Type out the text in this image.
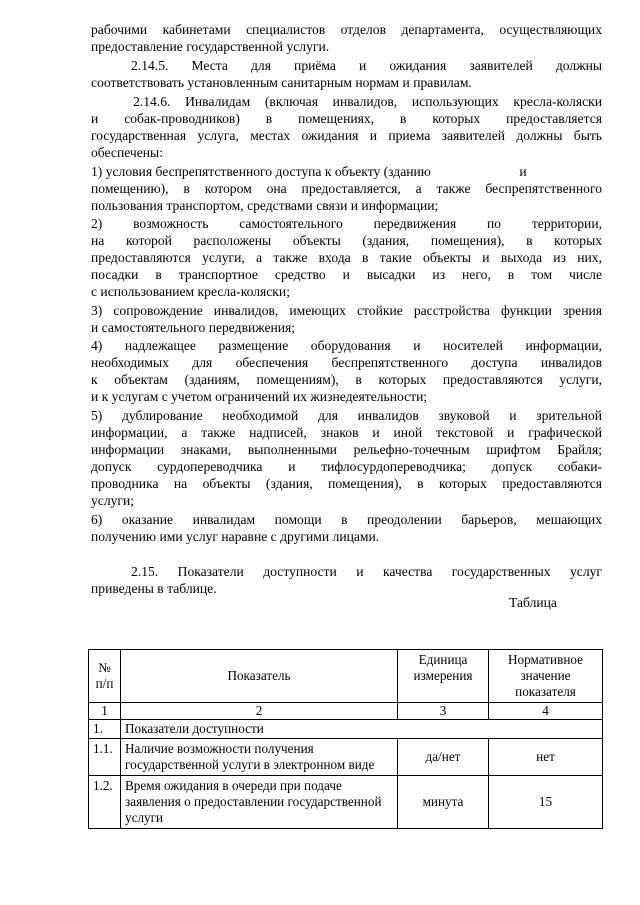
рабочими кабинетами специалистов отделов департамента, осуществляющих
предоставление государственной услуги.
2.14.5. Места для приёма и ожидания заявителей должны
соответствовать установленным санитарным нормам и правилам.
2.14.6. Инвалидам (включая инвалидов, использующих кресла-коляски
и собак-проводников) в помещениях, в которых предоставляется
государственная услуга, местах ожидания и приема заявителей должны быть
обеспечены:
1) условия беспрепятственного доступа к объекту (зданию                          и
помещению), в котором она предоставляется, а также беспрепятственного
пользования транспортом, средствами связи и информации;
2) возможность самостоятельного передвижения по территории,
на которой расположены объекты (здания, помещения), в которых
предоставляются услуги, а также входа в такие объекты и выхода из них,
посадки в транспортное средство и высадки из него, в том числе
с использованием кресла-коляски;
3) сопровождение инвалидов, имеющих стойкие расстройства функции зрения
и самостоятельного передвижения;
4) надлежащее размещение оборудования и носителей информации,
необходимых для обеспечения беспрепятственного доступа инвалидов
к объектам (зданиям, помещениям), в которых предоставляются услуги,
и к услугам с учетом ограничений их жизнедеятельности;
5) дублирование необходимой для инвалидов звуковой и зрительной
информации, а также надписей, знаков и иной текстовой и графической
информации знаками, выполненными рельефно-точечным шрифтом Брайля;
допуск сурдопереводчика и тифлосурдопереводчика; допуск собаки-
проводника на объекты (здания, помещения), в которых предоставляются
услуги;
6) оказание инвалидам помощи в преодолении барьеров, мешающих
получению ими услуг наравне с другими лицами.
2.15. Показатели доступности и качества государственных услуг
приведены в таблице.
Таблица
№ п/п	Показатель	Единица измерения	Нормативное значение показателя
1	2	3	4
1.	Показатели доступности		
1.1.	Наличие возможности получения государственной услуги в электронном виде	да/нет	нет
1.2.	Время ожидания в очереди при подаче заявления о предоставлении государственной услуги	минута	15
